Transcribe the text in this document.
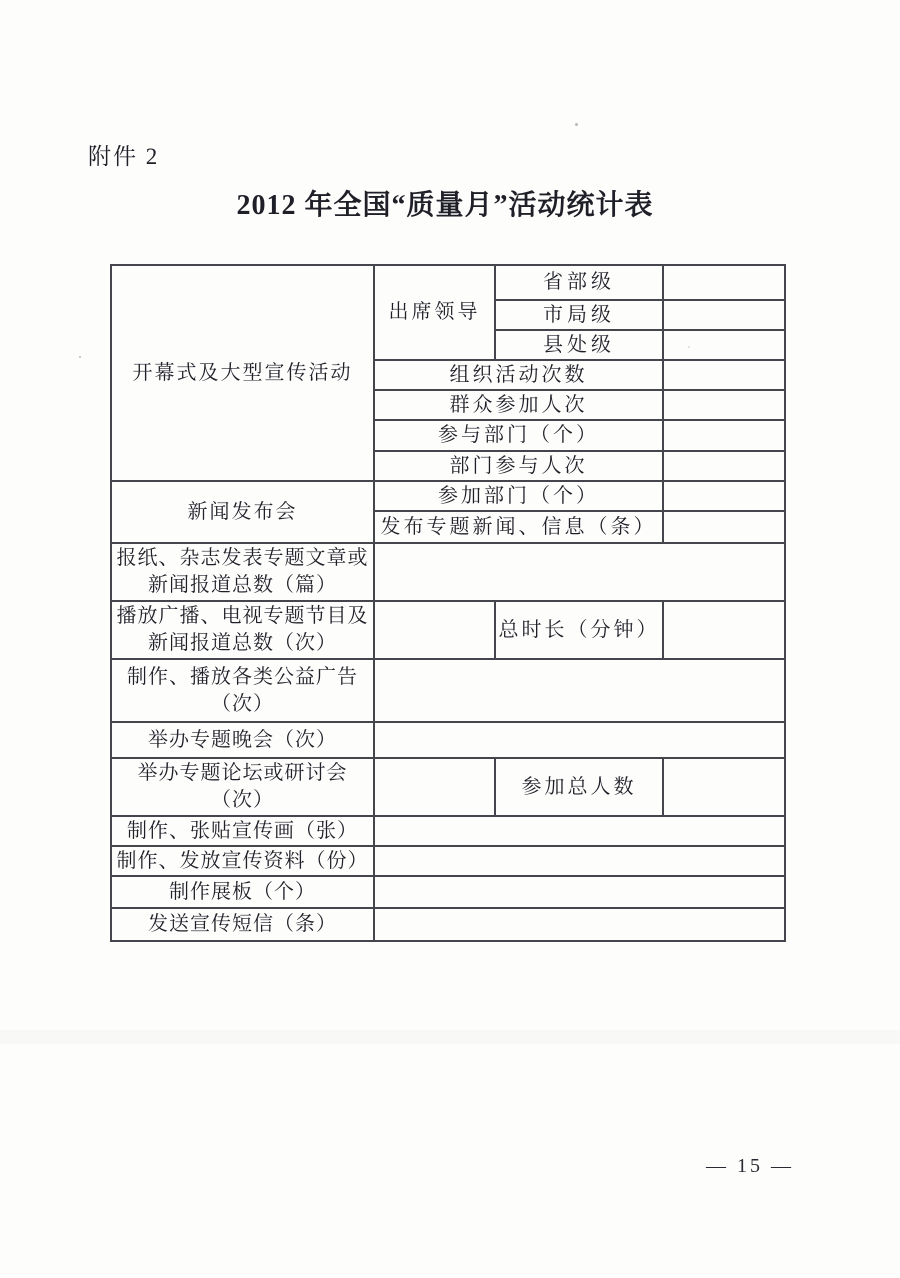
附件 2
2012 年全国“质量月”活动统计表
开幕式及大型宣传活动	出席领导	省部级	
		市局级	
		县处级	
	组织活动次数		
	群众参加人次		
	参与部门（个）		
	部门参与人次		
新闻发布会	参加部门（个）		
	发布专题新闻、信息（条）		

报纸、杂志发表专题文章或
新闻报道总数（篇）			

播放广播、电视专题节目及
新闻报道总数（次）		总时长（分钟）	

制作、播放各类公益广告
（次）			

举办专题晚会（次）			

举办专题论坛或研讨会
（次）		参加总人数	

制作、张贴宣传画（张）			

制作、发放宣传资料（份）			

制作展板（个）			

发送宣传短信（条）			

— 15 —
